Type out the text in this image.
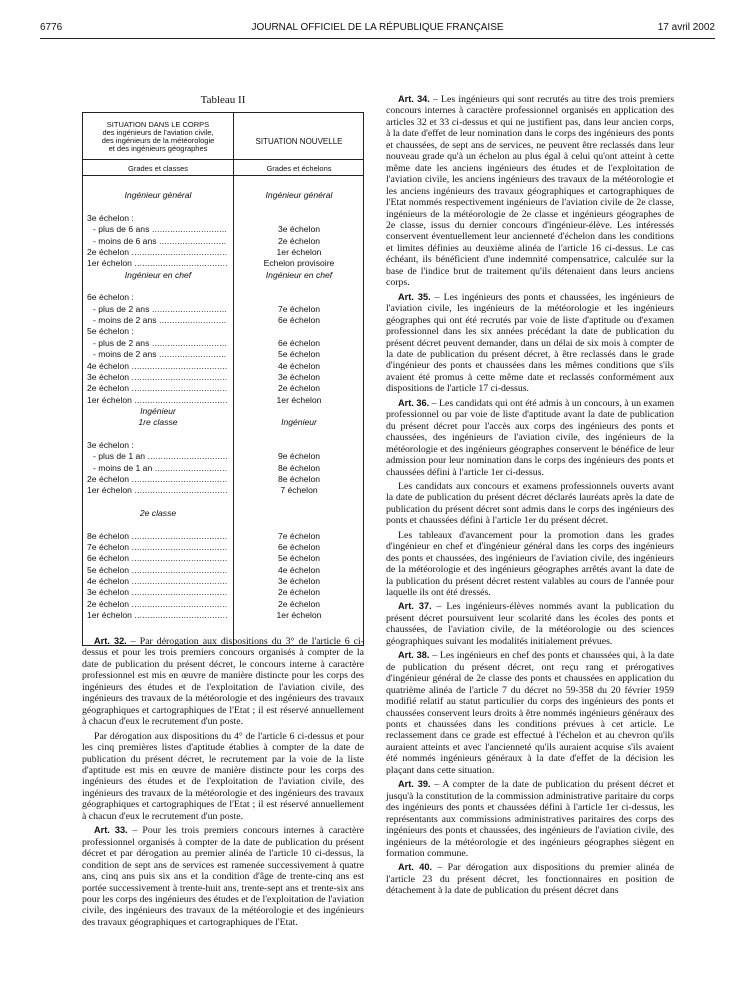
6776	JOURNAL OFFICIEL DE LA RÉPUBLIQUE FRANÇAISE	17 avril 2002
Tableau II
SITUATION DANS LE CORPS
des ingénieurs de l'aviation civile,
des ingénieurs de la météorologie
et des ingénieurs géographes
SITUATION NOUVELLE
Grades et classes	Grades et échelons
Ingénieur général	Ingénieur général
3e échelon :
- plus de 6 ans .....	3e échelon
- moins de 6 ans .....	2e échelon
2e échelon .....	1er échelon
1er échelon .....	Echelon provisoire
Ingénieur en chef	Ingénieur en chef
6e échelon :
- plus de 2 ans .....	7e échelon
- moins de 2 ans .....	6e échelon
5e échelon :
- plus de 2 ans .....	6e échelon
- moins de 2 ans .....	5e échelon
4e échelon .....	4e échelon
3e échelon .....	3e échelon
2e échelon .....	2e échelon
1er échelon .....	1er échelon
Ingénieur
1re classe	Ingénieur
3e échelon :
- plus de 1 an .....	9e échelon
- moins de 1 an .....	8e échelon
2e échelon .....	8e échelon
1er échelon .....	7 échelon
2e classe
8e échelon .....	7e échelon
7e échelon .....	6e échelon
6e échelon .....	5e échelon
5e échelon .....	4e échelon
4e échelon .....	3e échelon
3e échelon .....	2e échelon
2e échelon .....	2e échelon
1er échelon .....	1er échelon

Art. 32. – Par dérogation aux dispositions du 3° de l'article 6 ci-dessus et pour les trois premiers concours organisés à compter de la date de publication du présent décret, le concours interne à caractère professionnel est mis en œuvre de manière distincte pour les corps des ingénieurs des études et de l'exploitation de l'aviation civile, des ingénieurs des travaux de la météorologie et des ingénieurs des travaux géographiques et cartographiques de l'Etat ; il est réservé annuellement à chacun d'eux le recrutement d'un poste.

Par dérogation aux dispositions du 4° de l'article 6 ci-dessus et pour les cinq premières listes d'aptitude établies à compter de la date de publication du présent décret, le recrutement par la voie de la liste d'aptitude est mis en œuvre de manière distincte pour les corps des ingénieurs des études et de l'exploitation de l'aviation civile, des ingénieurs des travaux de la météorologie et des ingénieurs des travaux géographiques et cartographiques de l'Etat ; il est réservé annuellement à chacun d'eux le recrutement d'un poste.

Art. 33. – Pour les trois premiers concours internes à caractère professionnel organisés à compter de la date de publication du présent décret et par dérogation au premier alinéa de l'article 10 ci-dessus, la condition de sept ans de services est ramenée successivement à quatre ans, cinq ans puis six ans et la condition d'âge de trente-cinq ans est portée successivement à trente-huit ans, trente-sept ans et trente-six ans pour les corps des ingénieurs des études et de l'exploitation de l'aviation civile, des ingénieurs des travaux de la météorologie et des ingénieurs des travaux géographiques et cartographiques de l'Etat.

Art. 34. – Les ingénieurs qui sont recrutés au titre des trois premiers concours internes à caractère professionnel organisés en application des articles 32 et 33 ci-dessus et qui ne justifient pas, dans leur ancien corps, à la date d'effet de leur nomination dans le corps des ingénieurs des ponts et chaussées, de sept ans de services, ne peuvent être reclassés dans leur nouveau grade qu'à un échelon au plus égal à celui qu'ont atteint à cette même date les anciens ingénieurs des études et de l'exploitation de l'aviation civile, les anciens ingénieurs des travaux de la météorologie et les anciens ingénieurs des travaux géographiques et cartographiques de l'Etat nommés respectivement ingénieurs de l'aviation civile de 2e classe, ingénieurs de la météorologie de 2e classe et ingénieurs géographes de 2e classe, issus du dernier concours d'ingénieur-élève. Les intéressés conservent éventuellement leur ancienneté d'échelon dans les conditions et limites définies au deuxième alinéa de l'article 16 ci-dessus. Le cas échéant, ils bénéficient d'une indemnité compensatrice, calculée sur la base de l'indice brut de traitement qu'ils détenaient dans leurs anciens corps.

Art. 35. – Les ingénieurs des ponts et chaussées, les ingénieurs de l'aviation civile, les ingénieurs de la météorologie et les ingénieurs géographes qui ont été recrutés par voie de liste d'aptitude ou d'examen professionnel dans les six années précédant la date de publication du présent décret peuvent demander, dans un délai de six mois à compter de la date de publication du présent décret, à être reclassés dans le grade d'ingénieur des ponts et chaussées dans les mêmes conditions que s'ils avaient été promus à cette même date et reclassés conformément aux dispositions de l'article 17 ci-dessus.

Art. 36. – Les candidats qui ont été admis à un concours, à un examen professionnel ou par voie de liste d'aptitude avant la date de publication du présent décret pour l'accès aux corps des ingénieurs des ponts et chaussées, des ingénieurs de l'aviation civile, des ingénieurs de la météorologie et des ingénieurs géographes conservent le bénéfice de leur admission pour leur nomination dans le corps des ingénieurs des ponts et chaussées défini à l'article 1er ci-dessus.

Les candidats aux concours et examens professionnels ouverts avant la date de publication du présent décret déclarés lauréats après la date de publication du présent décret sont admis dans le corps des ingénieurs des ponts et chaussées défini à l'article 1er du présent décret.

Les tableaux d'avancement pour la promotion dans les grades d'ingénieur en chef et d'ingénieur général dans les corps des ingénieurs des ponts et chaussées, des ingénieurs de l'aviation civile, des ingénieurs de la météorologie et des ingénieurs géographes arrêtés avant la date de la publication du présent décret restent valables au cours de l'année pour laquelle ils ont été dressés.

Art. 37. – Les ingénieurs-élèves nommés avant la publication du présent décret poursuivent leur scolarité dans les écoles des ponts et chaussées, de l'aviation civile, de la météorologie ou des sciences géographiques suivant les modalités initialement prévues.

Art. 38. – Les ingénieurs en chef des ponts et chaussées qui, à la date de publication du présent décret, ont reçu rang et prérogatives d'ingénieur général de 2e classe des ponts et chaussées en application du quatrième alinéa de l'article 7 du décret no 59-358 du 20 février 1959 modifié relatif au statut particulier du corps des ingénieurs des ponts et chaussées conservent leurs droits à être nommés ingénieurs généraux des ponts et chaussées dans les conditions prévues à cet article. Le reclassement dans ce grade est effectué à l'échelon et au chevron qu'ils auraient atteints et avec l'ancienneté qu'ils auraient acquise s'ils avaient été nommés ingénieurs généraux à la date d'effet de la décision les plaçant dans cette situation.

Art. 39. – A compter de la date de publication du présent décret et jusqu'à la constitution de la commission administrative paritaire du corps des ingénieurs des ponts et chaussées défini à l'article 1er ci-dessus, les représentants aux commissions administratives paritaires des corps des ingénieurs des ponts et chaussées, des ingénieurs de l'aviation civile, des ingénieurs de la météorologie et des ingénieurs géographes siègent en formation commune.

Art. 40. – Par dérogation aux dispositions du premier alinéa de l'article 23 du présent décret, les fonctionnaires en position de détachement à la date de publication du présent décret dans
